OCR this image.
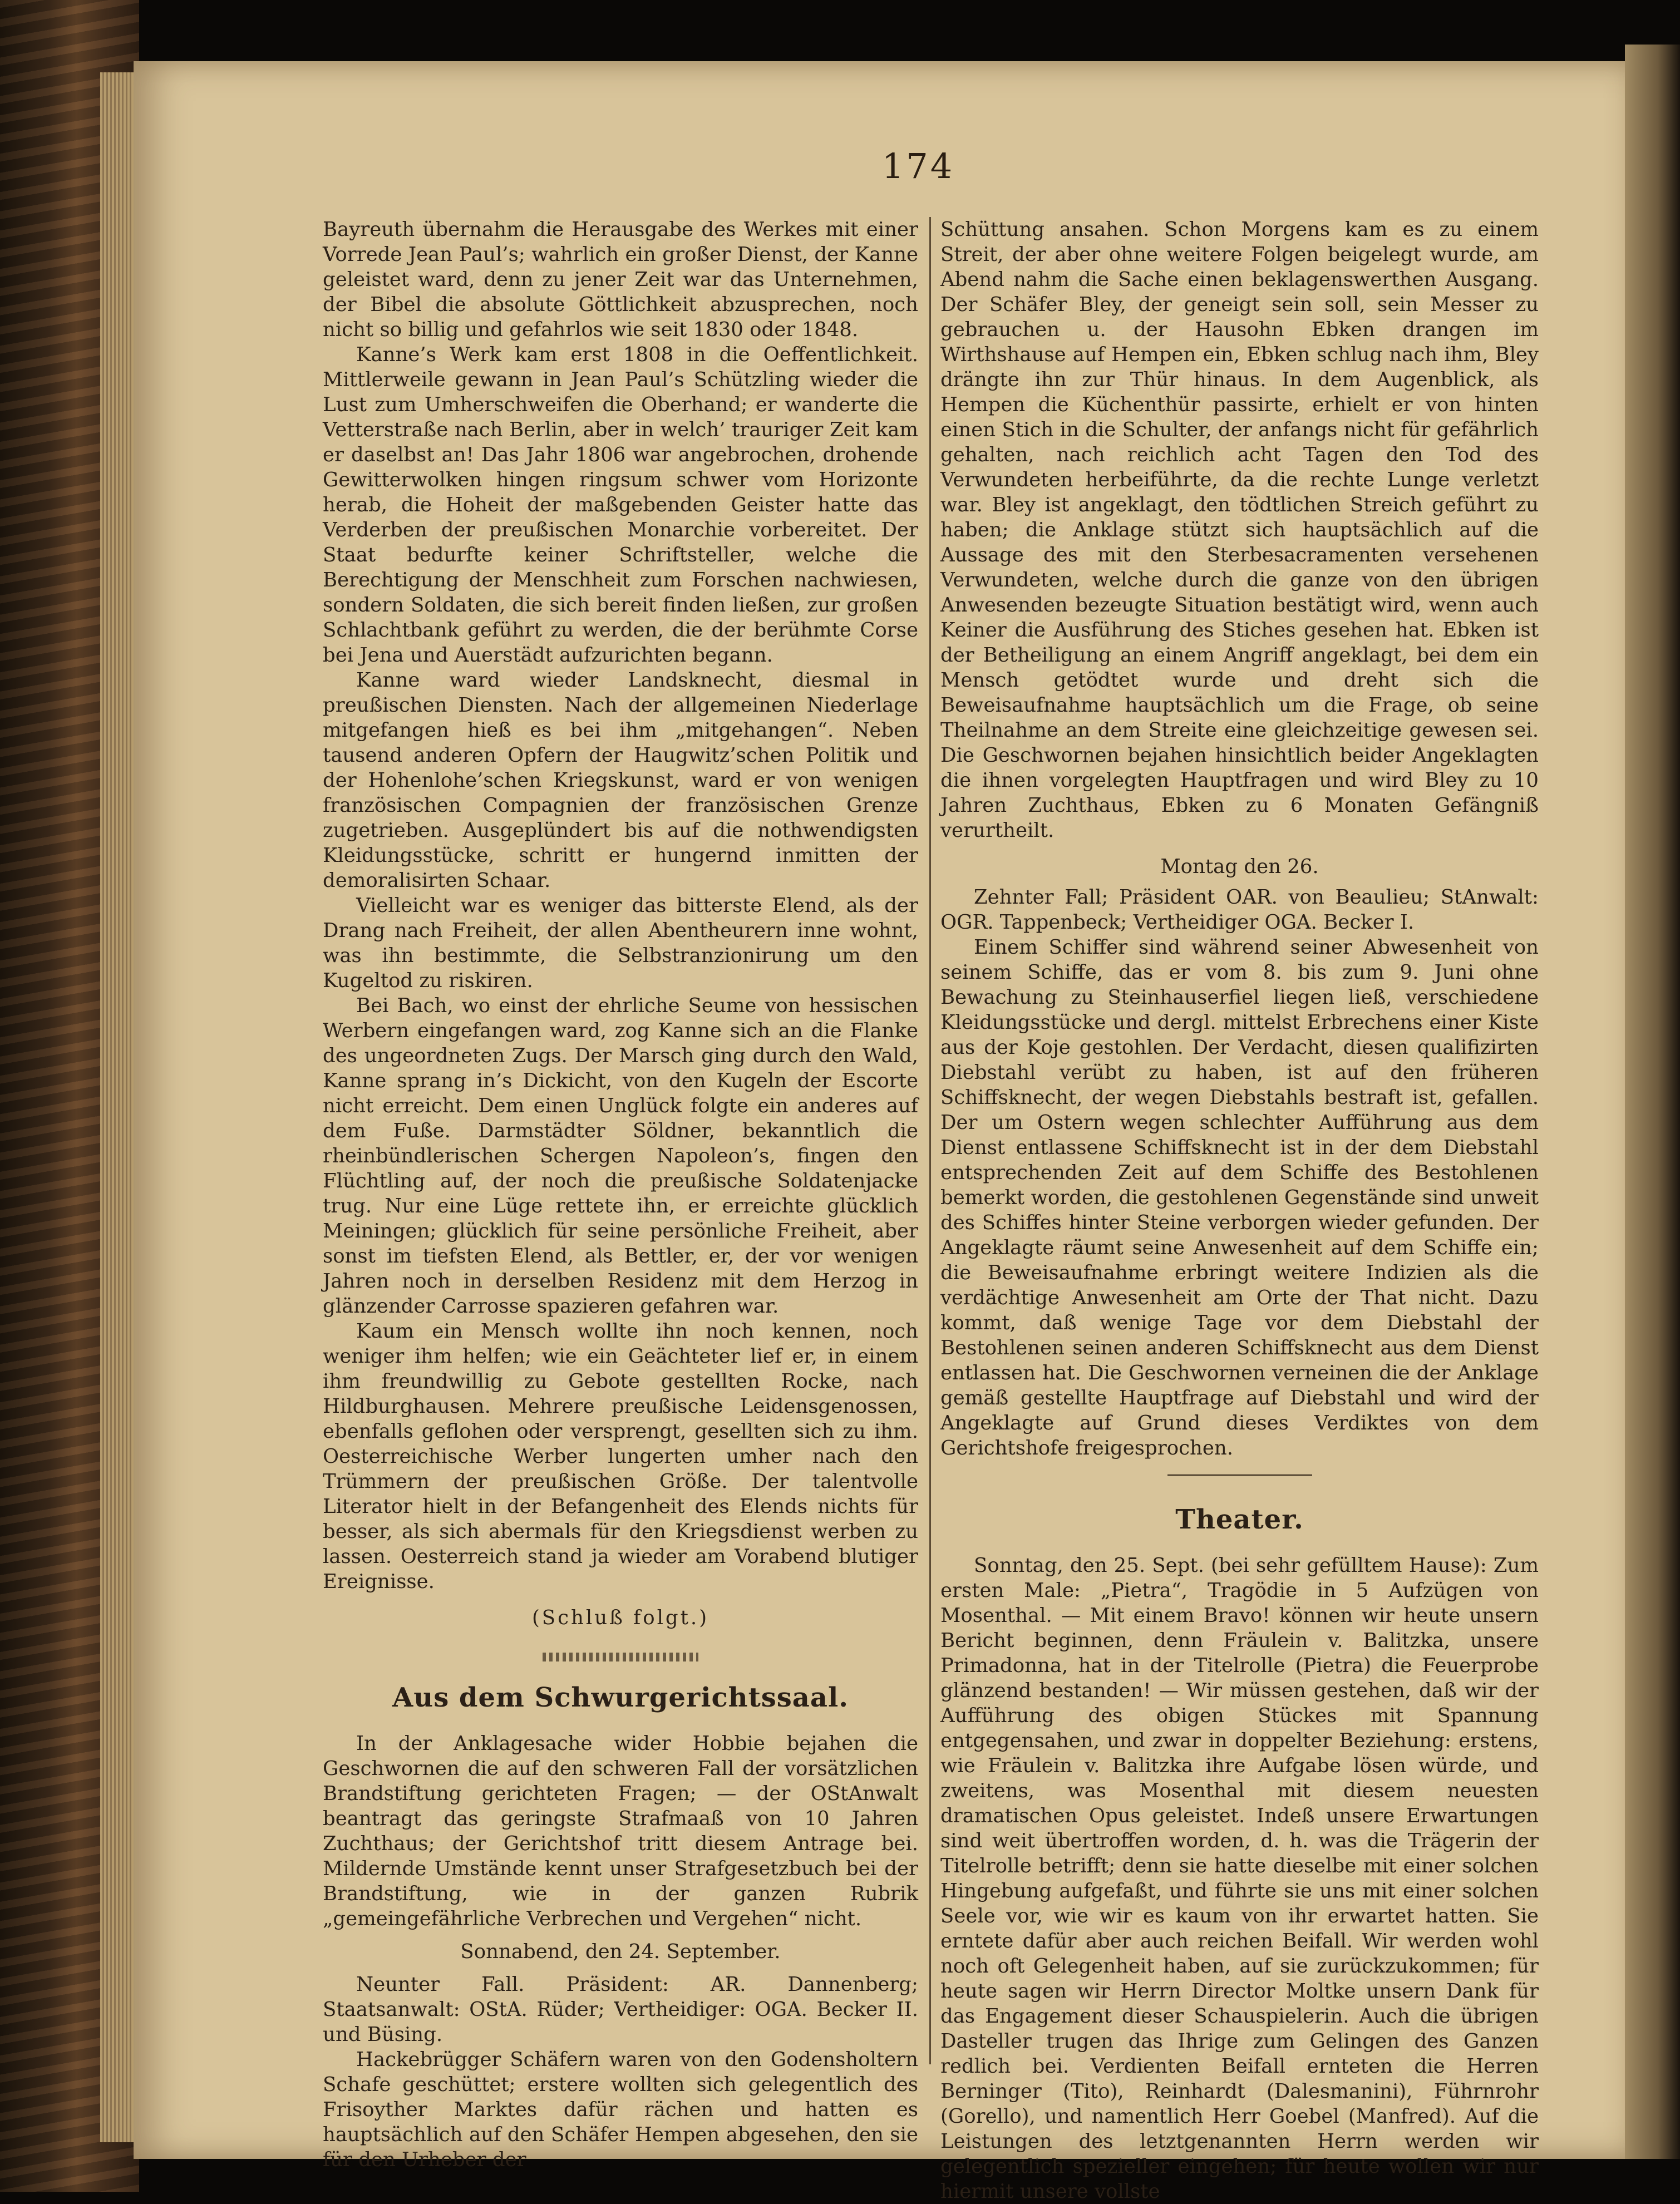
174

Bayreuth übernahm die Herausgabe des Werkes mit einer Vorrede Jean Paul’s; wahrlich ein großer Dienst, der Kanne geleistet ward, denn zu jener Zeit war das Unternehmen, der Bibel die absolute Göttlichkeit abzusprechen, noch nicht so billig und gefahrlos wie seit 1830 oder 1848.

Kanne’s Werk kam erst 1808 in die Oeffentlichkeit. Mittlerweile gewann in Jean Paul’s Schützling wieder die Lust zum Umherschweifen die Oberhand; er wanderte die Vetterstraße nach Berlin, aber in welch’ trauriger Zeit kam er daselbst an! Das Jahr 1806 war angebrochen, drohende Gewitterwolken hingen ringsum schwer vom Horizonte herab, die Hoheit der maßgebenden Geister hatte das Verderben der preußischen Monarchie vorbereitet. Der Staat bedurfte keiner Schriftsteller, welche die Berechtigung der Menschheit zum Forschen nachwiesen, sondern Soldaten, die sich bereit finden ließen, zur großen Schlachtbank geführt zu werden, die der berühmte Corse bei Jena und Auerstädt aufzurichten begann.

Kanne ward wieder Landsknecht, diesmal in preußischen Diensten. Nach der allgemeinen Niederlage mitgefangen hieß es bei ihm „mitgehangen“. Neben tausend anderen Opfern der Haugwitz’schen Politik und der Hohenlohe’schen Kriegskunst, ward er von wenigen französischen Compagnien der französischen Grenze zugetrieben. Ausgeplündert bis auf die nothwendigsten Kleidungsstücke, schritt er hungernd inmitten der demoralisirten Schaar.

Vielleicht war es weniger das bitterste Elend, als der Drang nach Freiheit, der allen Abentheurern inne wohnt, was ihn bestimmte, die Selbstranzionirung um den Kugeltod zu riskiren.

Bei Bach, wo einst der ehrliche Seume von hessischen Werbern eingefangen ward, zog Kanne sich an die Flanke des ungeordneten Zugs. Der Marsch ging durch den Wald, Kanne sprang in’s Dickicht, von den Kugeln der Escorte nicht erreicht. Dem einen Unglück folgte ein anderes auf dem Fuße. Darmstädter Söldner, bekanntlich die rheinbündlerischen Schergen Napoleon’s, fingen den Flüchtling auf, der noch die preußische Soldatenjacke trug. Nur eine Lüge rettete ihn, er erreichte glücklich Meiningen; glücklich für seine persönliche Freiheit, aber sonst im tiefsten Elend, als Bettler, er, der vor wenigen Jahren noch in derselben Residenz mit dem Herzog in glänzender Carrosse spazieren gefahren war.

Kaum ein Mensch wollte ihn noch kennen, noch weniger ihm helfen; wie ein Geächteter lief er, in einem ihm freundwillig zu Gebote gestellten Rocke, nach Hildburghausen. Mehrere preußische Leidensgenossen, ebenfalls geflohen oder versprengt, gesellten sich zu ihm. Oesterreichische Werber lungerten umher nach den Trümmern der preußischen Größe. Der talentvolle Literator hielt in der Befangenheit des Elends nichts für besser, als sich abermals für den Kriegsdienst werben zu lassen. Oesterreich stand ja wieder am Vorabend blutiger Ereignisse.

(Schluß folgt.)

Aus dem Schwurgerichtssaal.

In der Anklagesache wider Hobbie bejahen die Geschwornen die auf den schweren Fall der vorsätzlichen Brandstiftung gerichteten Fragen; — der OStAnwalt beantragt das geringste Strafmaaß von 10 Jahren Zuchthaus; der Gerichtshof tritt diesem Antrage bei. Mildernde Umstände kennt unser Strafgesetzbuch bei der Brandstiftung, wie in der ganzen Rubrik „gemeingefährliche Verbrechen und Vergehen“ nicht.

Sonnabend, den 24. September.

Neunter Fall. Präsident: AR. Dannenberg; Staatsanwalt: OStA. Rüder; Vertheidiger: OGA. Becker II. und Büsing.

Hackebrügger Schäfern waren von den Godensholtern Schafe geschüttet; erstere wollten sich gelegentlich des Frisoyther Marktes dafür rächen und hatten es hauptsächlich auf den Schäfer Hempen abgesehen, den sie für den Urheber der

Schüttung ansahen. Schon Morgens kam es zu einem Streit, der aber ohne weitere Folgen beigelegt wurde, am Abend nahm die Sache einen beklagenswerthen Ausgang. Der Schäfer Bley, der geneigt sein soll, sein Messer zu gebrauchen u. der Hausohn Ebken drangen im Wirthshause auf Hempen ein, Ebken schlug nach ihm, Bley drängte ihn zur Thür hinaus. In dem Augenblick, als Hempen die Küchenthür passirte, erhielt er von hinten einen Stich in die Schulter, der anfangs nicht für gefährlich gehalten, nach reichlich acht Tagen den Tod des Verwundeten herbeiführte, da die rechte Lunge verletzt war. Bley ist angeklagt, den tödtlichen Streich geführt zu haben; die Anklage stützt sich hauptsächlich auf die Aussage des mit den Sterbesacramenten versehenen Verwundeten, welche durch die ganze von den übrigen Anwesenden bezeugte Situation bestätigt wird, wenn auch Keiner die Ausführung des Stiches gesehen hat. Ebken ist der Betheiligung an einem Angriff angeklagt, bei dem ein Mensch getödtet wurde und dreht sich die Beweisaufnahme hauptsächlich um die Frage, ob seine Theilnahme an dem Streite eine gleichzeitige gewesen sei. Die Geschwornen bejahen hinsichtlich beider Angeklagten die ihnen vorgelegten Hauptfragen und wird Bley zu 10 Jahren Zuchthaus, Ebken zu 6 Monaten Gefängniß verurtheilt.

Montag den 26.

Zehnter Fall; Präsident OAR. von Beaulieu; StAnwalt: OGR. Tappenbeck; Vertheidiger OGA. Becker I.

Einem Schiffer sind während seiner Abwesenheit von seinem Schiffe, das er vom 8. bis zum 9. Juni ohne Bewachung zu Steinhauserfiel liegen ließ, verschiedene Kleidungsstücke und dergl. mittelst Erbrechens einer Kiste aus der Koje gestohlen. Der Verdacht, diesen qualifizirten Diebstahl verübt zu haben, ist auf den früheren Schiffsknecht, der wegen Diebstahls bestraft ist, gefallen. Der um Ostern wegen schlechter Aufführung aus dem Dienst entlassene Schiffsknecht ist in der dem Diebstahl entsprechenden Zeit auf dem Schiffe des Bestohlenen bemerkt worden, die gestohlenen Gegenstände sind unweit des Schiffes hinter Steine verborgen wieder gefunden. Der Angeklagte räumt seine Anwesenheit auf dem Schiffe ein; die Beweisaufnahme erbringt weitere Indizien als die verdächtige Anwesenheit am Orte der That nicht. Dazu kommt, daß wenige Tage vor dem Diebstahl der Bestohlenen seinen anderen Schiffsknecht aus dem Dienst entlassen hat. Die Geschwornen verneinen die der Anklage gemäß gestellte Hauptfrage auf Diebstahl und wird der Angeklagte auf Grund dieses Verdiktes von dem Gerichtshofe freigesprochen.

Theater.

Sonntag, den 25. Sept. (bei sehr gefülltem Hause): Zum ersten Male: „Pietra“, Tragödie in 5 Aufzügen von Mosenthal. — Mit einem Bravo! können wir heute unsern Bericht beginnen, denn Fräulein v. Balitzka, unsere Primadonna, hat in der Titelrolle (Pietra) die Feuerprobe glänzend bestanden! — Wir müssen gestehen, daß wir der Aufführung des obigen Stückes mit Spannung entgegensahen, und zwar in doppelter Beziehung: erstens, wie Fräulein v. Balitzka ihre Aufgabe lösen würde, und zweitens, was Mosenthal mit diesem neuesten dramatischen Opus geleistet. Indeß unsere Erwartungen sind weit übertroffen worden, d. h. was die Trägerin der Titelrolle betrifft; denn sie hatte dieselbe mit einer solchen Hingebung aufgefaßt, und führte sie uns mit einer solchen Seele vor, wie wir es kaum von ihr erwartet hatten. Sie erntete dafür aber auch reichen Beifall. Wir werden wohl noch oft Gelegenheit haben, auf sie zurückzukommen; für heute sagen wir Herrn Director Moltke unsern Dank für das Engagement dieser Schauspielerin. Auch die übrigen Dasteller trugen das Ihrige zum Gelingen des Ganzen redlich bei. Verdienten Beifall ernteten die Herren Berninger (Tito), Reinhardt (Dalesmanini), Führnrohr (Gorello), und namentlich Herr Goebel (Manfred). Auf die Leistungen des letztgenannten Herrn werden wir gelegentlich spezieller eingehen; für heute wollen wir nur hiermit unsere vollste
